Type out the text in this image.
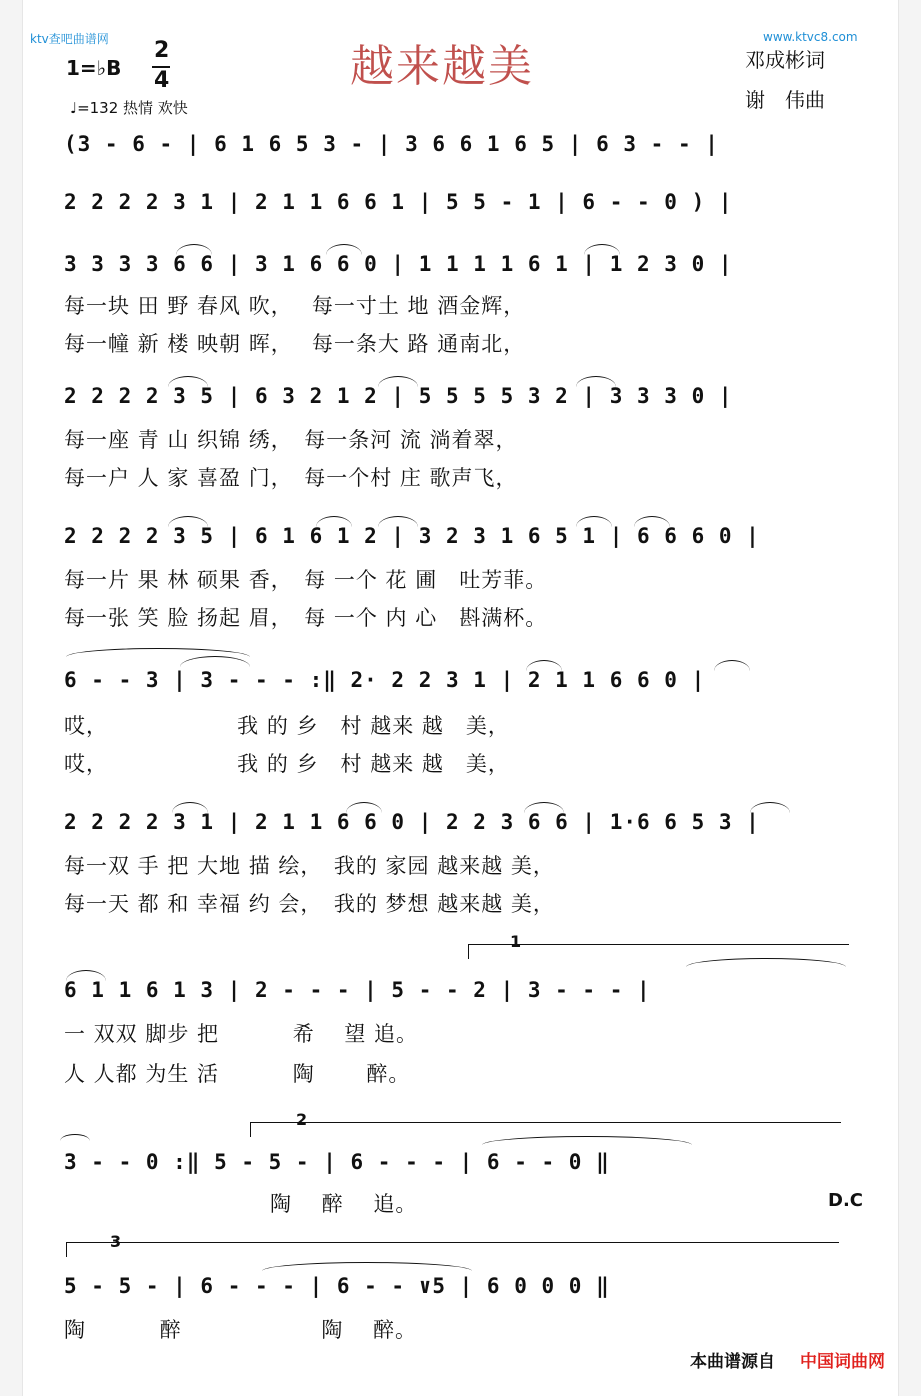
ktv查吧曲谱网	www.ktvc8.com
越来越美
1=♭B
2
4
♩=132 热情 欢快
邓成彬词
谢　伟曲
(3 - 6 - | 6 1 6 5 3 - | 3 6 6 1 6 5 | 6 3 - - |
2 2 2 2 3 1 | 2 1 1 6 6 1 | 5 5 - 1 | 6 - - 0 ) |
3 3 3 3 6 6 | 3 1 6 6 0 | 1 1 1 1 6 1 | 1 2 3 0 |
每一块 田 野 春风 吹，　 每一寸土 地 酒金辉，
每一幢 新 楼 映朝 晖，　 每一条大 路 通南北，
2 2 2 2 3 5 | 6 3 2 1 2 | 5 5 5 5 3 2 | 3 3 3 0 |
每一座 青 山 织锦 绣，　每一条河 流 淌着翠，
每一户 人 家 喜盈 门，　每一个村 庄 歌声飞，
2 2 2 2 3 5 | 6 1 6 1 2 | 3 2 3 1 6 5 1 | 6 6 6 0 |
每一片 果 林 硕果 香，　每 一个 花 圃　吐芳菲。
每一张 笑 脸 扬起 眉，　每 一个 内 心　斟满杯。
6 - - 3 | 3 - - - :‖ 2· 2 2 3 1 | 2 1 1 6 6 0 |
哎，　　　　　　 我 的 乡　村 越来 越　美，
哎，　　　　　　 我 的 乡　村 越来 越　美，
2 2 2 2 3 1 | 2 1 1 6 6 0 | 2 2 3 6 6 | 1·6 6 5 3 |
每一双 手 把 大地 描 绘，　我的 家园 越来越 美，
每一天 都 和 幸福 约 会，　我的 梦想 越来越 美，
6 1 1 6 1 3 | 2 - - - | 5 - - 2 | 3 - - - |
一 双双 脚步 把　　　 希　 望 追。
人 人都 为生 活　　　 陶　　 醉。
3 - - 0 :‖ 5 - 5 - | 6 - - - | 6 - - 0 ‖
陶　 醉　 追。
5 - 5 - | 6 - - - | 6 - - ∨5 | 6 0 0 0 ‖
陶　　　 醉　　　　　　 陶　 醉。
1
2
3
D.C
本曲谱源自 中国词曲网
